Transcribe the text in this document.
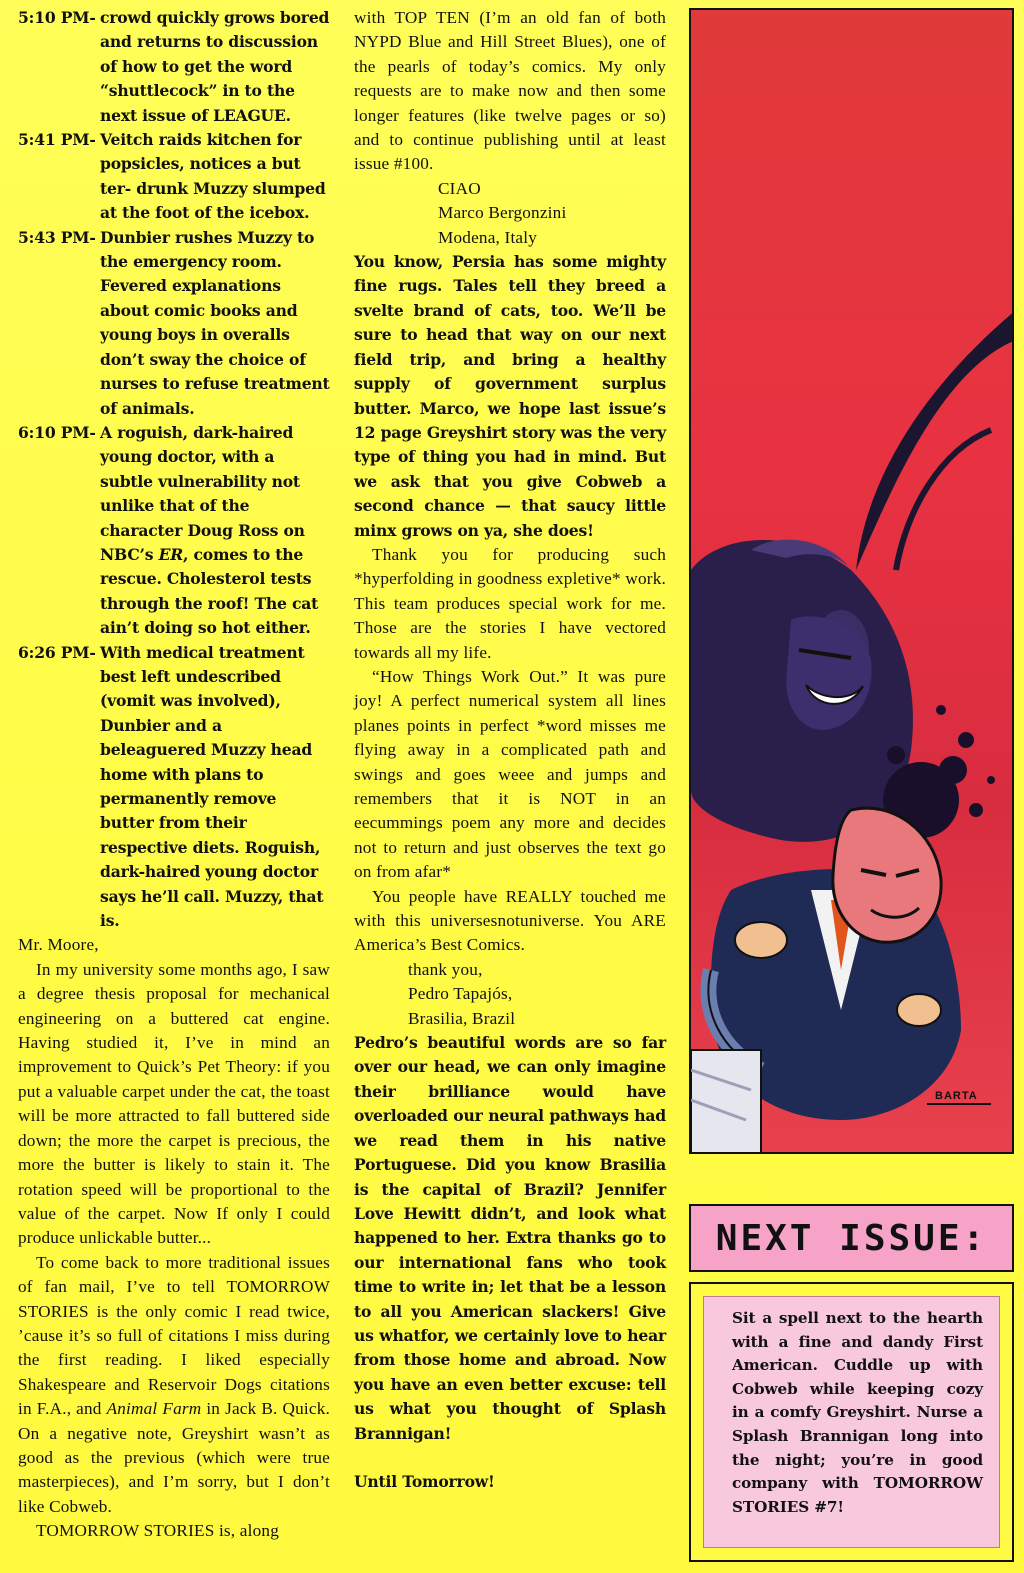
5:10 PM- crowd quickly grows bored and returns to discussion of how to get the word “shuttlecock” in to the next issue of LEAGUE.
5:41 PM- Veitch raids kitchen for popsicles, notices a but ter- drunk Muzzy slumped at the foot of the icebox.
5:43 PM- Dunbier rushes Muzzy to the emergency room. Fevered explanations about comic books and young boys in overalls don’t sway the choice of nurses to refuse treatment of animals.
6:10 PM- A roguish, dark-haired young doctor, with a subtle vulnerability not unlike that of the character Doug Ross on NBC’s ER, comes to the rescue. Cholesterol tests through the roof! The cat ain’t doing so hot either.
6:26 PM- With medical treatment best left undescribed (vomit was involved), Dunbier and a beleaguered Muzzy head home with plans to permanently remove butter from their respective diets. Roguish, dark-haired young doctor says he’ll call. Muzzy, that is.

Mr. Moore,

In my university some months ago, I saw a degree thesis proposal for mechanical engineering on a buttered cat engine. Having studied it, I’ve in mind an improvement to Quick’s Pet Theory: if you put a valuable carpet under the cat, the toast will be more attracted to fall buttered side down; the more the carpet is precious, the more the butter is likely to stain it. The rotation speed will be proportional to the value of the carpet. Now If only I could produce unlickable butter...

To come back to more traditional issues of fan mail, I’ve to tell TOMORROW STORIES is the only comic I read twice, ’cause it’s so full of citations I miss during the first reading. I liked especially Shakespeare and Reservoir Dogs citations in F.A., and Animal Farm in Jack B. Quick. On a negative note, Greyshirt wasn’t as good as the previous (which were true masterpieces), and I’m sorry, but I don’t like Cobweb.

TOMORROW STORIES is, along

with TOP TEN (I’m an old fan of both NYPD Blue and Hill Street Blues), one of the pearls of today’s comics. My only requests are to make now and then some longer features (like twelve pages or so) and to continue publishing until at least issue #100.

CIAO

Marco Bergonzini

Modena, Italy

You know, Persia has some mighty fine rugs. Tales tell they breed a svelte brand of cats, too. We’ll be sure to head that way on our next field trip, and bring a healthy supply of government surplus butter. Marco, we hope last issue’s 12 page Greyshirt story was the very type of thing you had in mind. But we ask that you give Cobweb a second chance — that saucy little minx grows on ya, she does!

Thank you for producing such *hyperfolding in goodness expletive* work. This team produces special work for me. Those are the stories I have vectored towards all my life.

“How Things Work Out.” It was pure joy! A perfect numerical system all lines planes points in perfect *word misses me flying away in a complicated path and swings and goes weee and jumps and remembers that it is NOT in an eecummings poem any more and decides not to return and just observes the text go on from afar*

You people have REALLY touched me with this universesnotuniverse. You ARE America’s Best Comics.

thank you,

Pedro Tapajós,

Brasilia, Brazil

Pedro’s beautiful words are so far over our head, we can only imagine their brilliance would have overloaded our neural pathways had we read them in his native Portuguese. Did you know Brasilia is the capital of Brazil? Jennifer Love Hewitt didn’t, and look what happened to her. Extra thanks go to our international fans who took time to write in; let that be a lesson to all you American slackers! Give us whatfor, we certainly love to hear from those home and abroad. Now you have an even better excuse: tell us what you thought of Splash Brannigan!

Until Tomorrow!

BARTA
NEXT ISSUE:
Sit a spell next to the hearth with a fine and dandy First American. Cuddle up with Cobweb while keeping cozy in a comfy Greyshirt. Nurse a Splash Brannigan long into the night; you’re in good company with TOMORROW STORIES #7!
